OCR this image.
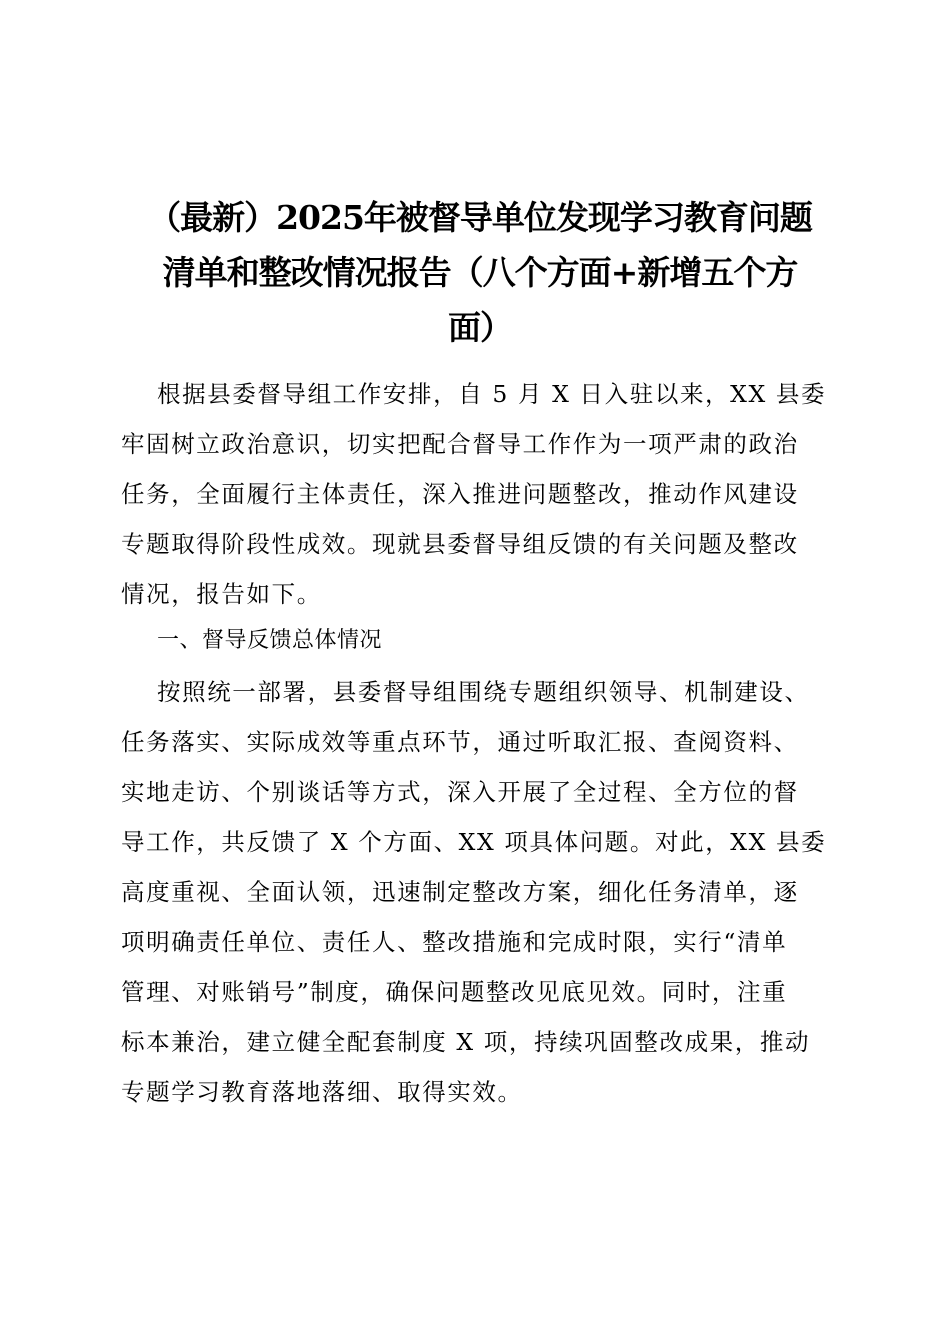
（最新）2025年被督导单位发现学习教育问题
清单和整改情况报告（八个方面+新增五个方
面）
根据县委督导组工作安排，自 5 月 X 日入驻以来，XX 县委
牢固树立政治意识，切实把配合督导工作作为一项严肃的政治
任务，全面履行主体责任，深入推进问题整改，推动作风建设
专题取得阶段性成效。现就县委督导组反馈的有关问题及整改
情况，报告如下。
一、督导反馈总体情况
按照统一部署，县委督导组围绕专题组织领导、机制建设、
任务落实、实际成效等重点环节，通过听取汇报、查阅资料、
实地走访、个别谈话等方式，深入开展了全过程、全方位的督
导工作，共反馈了 X 个方面、XX 项具体问题。对此，XX 县委
高度重视、全面认领，迅速制定整改方案，细化任务清单，逐
项明确责任单位、责任人、整改措施和完成时限，实行“清单
管理、对账销号”制度，确保问题整改见底见效。同时，注重
标本兼治，建立健全配套制度 X 项，持续巩固整改成果，推动
专题学习教育落地落细、取得实效。
